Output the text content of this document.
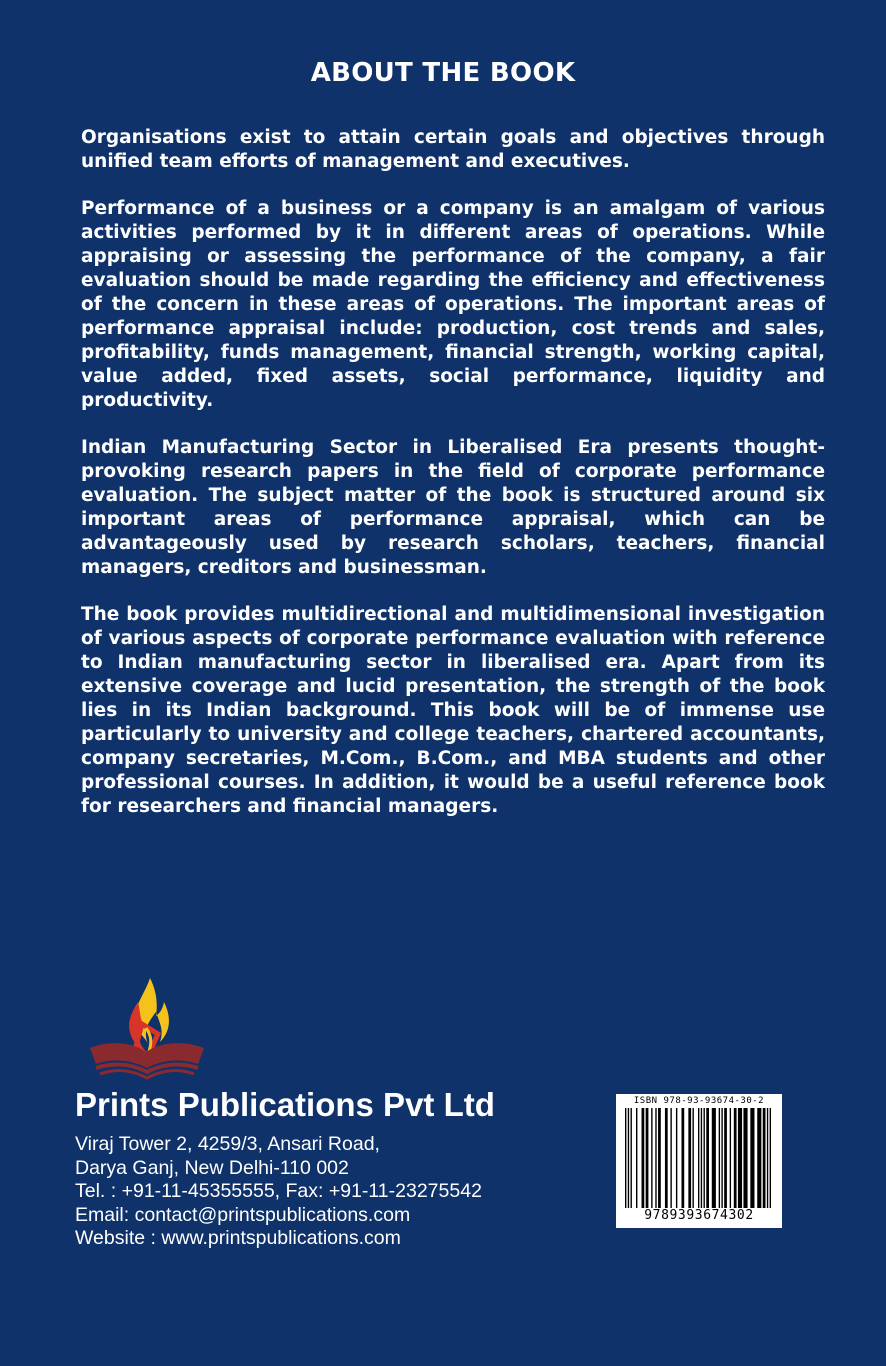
ABOUT THE BOOK

Organisations exist to attain certain goals and objectives through unified team efforts of management and executives.

Performance of a business or a company is an amalgam of various activities performed by it in different areas of operations. While appraising or assessing the performance of the company, a fair evaluation should be made regarding the efficiency and effectiveness of the concern in these areas of operations. The important areas of performance appraisal include: production, cost trends and sales, profitability, funds management, financial strength, working capital, value added, fixed assets, social performance, liquidity and productivity.

Indian Manufacturing Sector in Liberalised Era presents thought-provoking research papers in the field of corporate performance evaluation. The subject matter of the book is structured around six important areas of performance appraisal, which can be advantageously used by research scholars, teachers, financial managers, creditors and businessman.

The book provides multidirectional and multidimensional investigation of various aspects of corporate performance evaluation with reference to Indian manufacturing sector in liberalised era. Apart from its extensive coverage and lucid presentation, the strength of the book lies in its Indian background. This book will be of immense use particularly to university and college teachers, chartered accountants, company secretaries, M.Com., B.Com., and MBA students and other professional courses. In addition, it would be a useful reference book for researchers and financial managers.

Prints Publications Pvt Ltd
Viraj Tower 2, 4259/3, Ansari Road,
Darya Ganj, New Delhi-110 002
Tel. : +91-11-45355555, Fax: +91-11-23275542
Email: contact@printspublications.com
Website : www.printspublications.com
ISBN 978-93-93674-30-2
9789393674302
